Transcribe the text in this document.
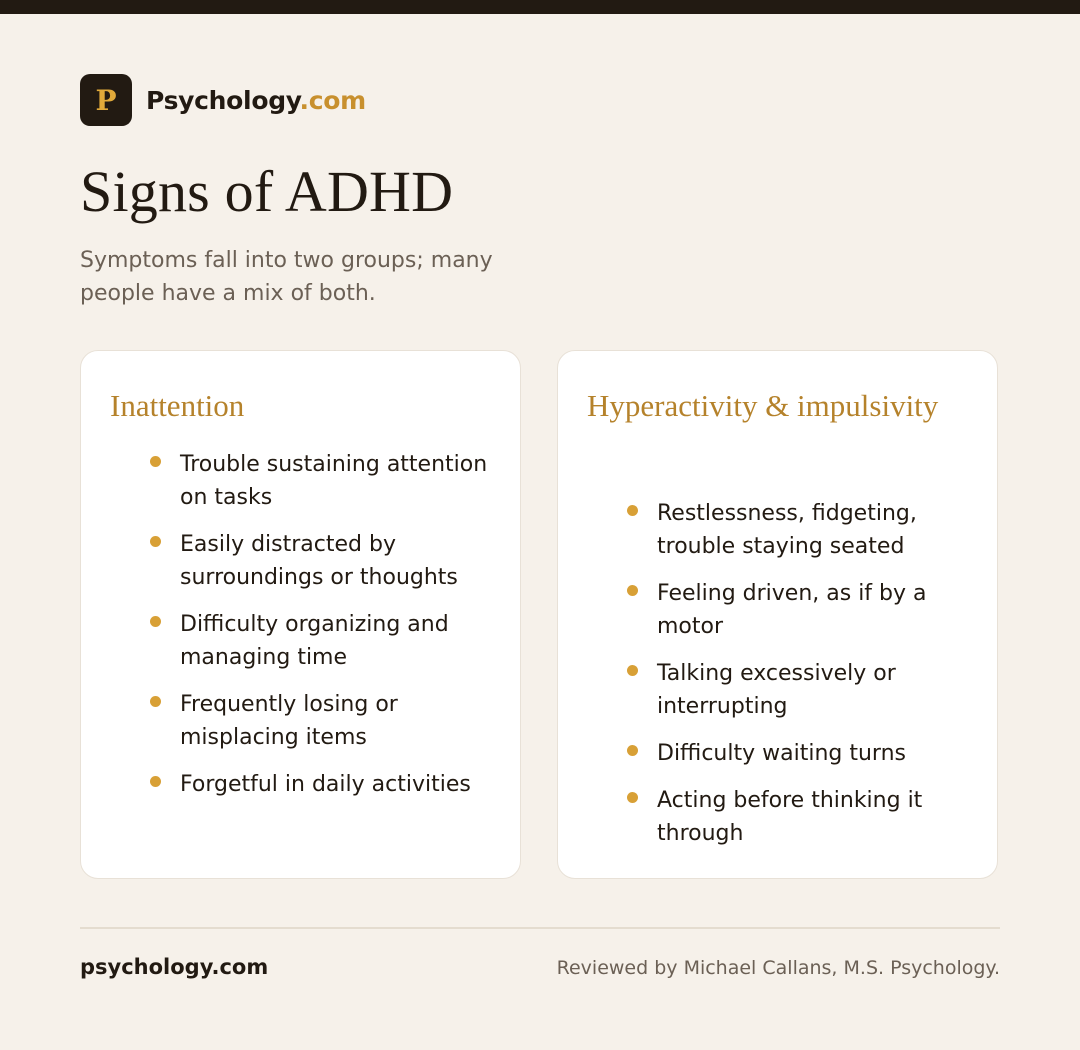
P	Psychology.com
Signs of ADHD

Symptoms fall into two groups; many people have a mix of both.

Inattention
Trouble sustaining attention on tasks
Easily distracted by surroundings or thoughts
Difficulty organizing and managing time
Frequently losing or misplacing items
Forgetful in daily activities
Hyperactivity & impulsivity
Restlessness, fidgeting, trouble staying seated
Feeling driven, as if by a motor
Talking excessively or interrupting
Difficulty waiting turns
Acting before thinking it through
psychology.com	Reviewed by Michael Callans, M.S. Psychology.
